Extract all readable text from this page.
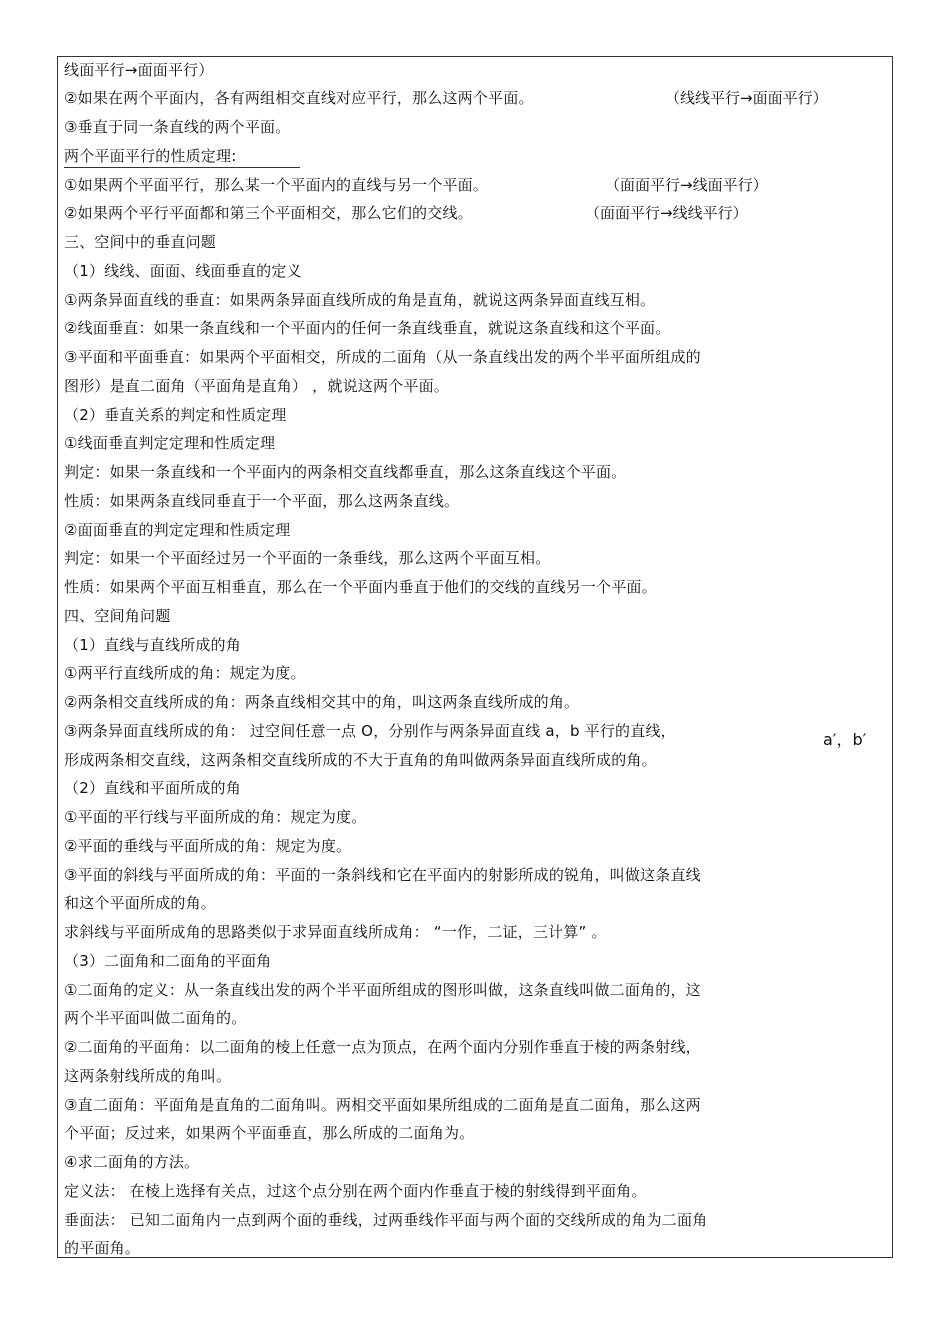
线面平行→面面平行）
②如果在两个平面内，各有两组相交直线对应平行，那么这两个平面。	（线线平行→面面平行）
③垂直于同一条直线的两个平面。
两个平面平行的性质定理:
①如果两个平面平行，那么某一个平面内的直线与另一个平面。	（面面平行→线面平行）
②如果两个平行平面都和第三个平面相交，那么它们的交线。	（面面平行→线线平行）
三、空间中的垂直问题
（1）线线、面面、线面垂直的定义
①两条异面直线的垂直：如果两条异面直线所成的角是直角，就说这两条异面直线互相。
②线面垂直：如果一条直线和一个平面内的任何一条直线垂直，就说这条直线和这个平面。
③平面和平面垂直：如果两个平面相交，所成的二面角（从一条直线出发的两个半平面所组成的
图形）是直二面角（平面角是直角） ，就说这两个平面。
（2）垂直关系的判定和性质定理
①线面垂直判定定理和性质定理
判定：如果一条直线和一个平面内的两条相交直线都垂直，那么这条直线这个平面。
性质：如果两条直线同垂直于一个平面，那么这两条直线。
②面面垂直的判定定理和性质定理
判定：如果一个平面经过另一个平面的一条垂线，那么这两个平面互相。
性质：如果两个平面互相垂直，那么在一个平面内垂直于他们的交线的直线另一个平面。
四、空间角问题
（1）直线与直线所成的角
①两平行直线所成的角：规定为度。
②两条相交直线所成的角：两条直线相交其中的角，叫这两条直线所成的角。
③两条异面直线所成的角： 过空间任意一点 O，分别作与两条异面直线 a，b 平行的直线，	a′，b′
形成两条相交直线，这两条相交直线所成的不大于直角的角叫做两条异面直线所成的角。
（2）直线和平面所成的角
①平面的平行线与平面所成的角：规定为度。
②平面的垂线与平面所成的角：规定为度。
③平面的斜线与平面所成的角：平面的一条斜线和它在平面内的射影所成的锐角，叫做这条直线
和这个平面所成的角。
求斜线与平面所成角的思路类似于求异面直线所成角： “一作，二证，三计算” 。
（3）二面角和二面角的平面角
①二面角的定义：从一条直线出发的两个半平面所组成的图形叫做，这条直线叫做二面角的，这
两个半平面叫做二面角的。
②二面角的平面角：以二面角的棱上任意一点为顶点，在两个面内分别作垂直于棱的两条射线，
这两条射线所成的角叫。
③直二面角：平面角是直角的二面角叫。两相交平面如果所组成的二面角是直二面角，那么这两
个平面；反过来，如果两个平面垂直，那么所成的二面角为。
④求二面角的方法。
定义法： 在棱上选择有关点，过这个点分别在两个面内作垂直于棱的射线得到平面角。
垂面法： 已知二面角内一点到两个面的垂线，过两垂线作平面与两个面的交线所成的角为二面角
的平面角。
